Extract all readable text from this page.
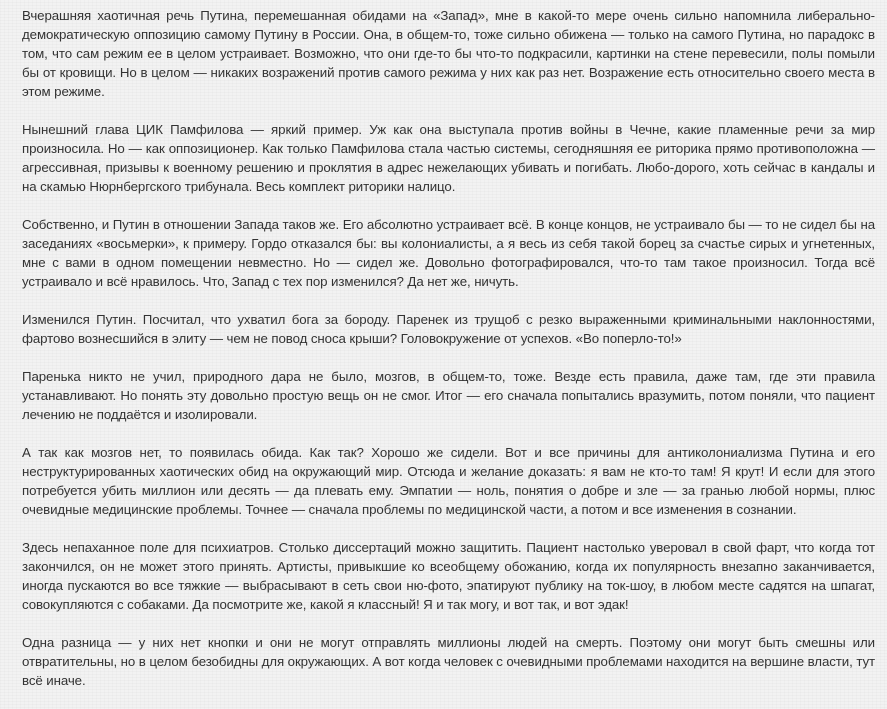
Вчерашняя хаотичная речь Путина, перемешанная обидами на «Запад», мне в какой-то мере очень сильно напомнила либерально-демократическую оппозицию самому Путину в России. Она, в общем-то, тоже сильно обижена — только на самого Путина, но парадокс в том, что сам режим ее в целом устраивает. Возможно, что они где-то бы что-то подкрасили, картинки на стене перевесили, полы помыли бы от кровищи. Но в целом — никаких возражений против самого режима у них как раз нет. Возражение есть относительно своего места в этом режиме.

Нынешний глава ЦИК Памфилова — яркий пример. Уж как она выступала против войны в Чечне, какие пламенные речи за мир произносила. Но — как оппозиционер. Как только Памфилова стала частью системы, сегодняшняя ее риторика прямо противоположна — агрессивная, призывы к военному решению и проклятия в адрес нежелающих убивать и погибать. Любо-дорого, хоть сейчас в кандалы и на скамью Нюрнбергского трибунала. Весь комплект риторики налицо.

Собственно, и Путин в отношении Запада таков же. Его абсолютно устраивает всё. В конце концов, не устраивало бы — то не сидел бы на заседаниях «восьмерки», к примеру. Гордо отказался бы: вы колониалисты, а я весь из себя такой борец за счастье сирых и угнетенных, мне с вами в одном помещении невместно. Но — сидел же. Довольно фотографировался, что-то там такое произносил. Тогда всё устраивало и всё нравилось. Что, Запад с тех пор изменился? Да нет же, ничуть.

Изменился Путин. Посчитал, что ухватил бога за бороду. Паренек из трущоб с резко выраженными криминальными наклонностями, фартово вознесшийся в элиту — чем не повод сноса крыши? Головокружение от успехов. «Во поперло-то!»

Паренька никто не учил, природного дара не было, мозгов, в общем-то, тоже. Везде есть правила, даже там, где эти правила устанавливают. Но понять эту довольно простую вещь он не смог. Итог — его сначала попытались вразумить, потом поняли, что пациент лечению не поддаётся и изолировали.

А так как мозгов нет, то появилась обида. Как так? Хорошо же сидели. Вот и все причины для антиколониализма Путина и его неструктурированных хаотических обид на окружающий мир. Отсюда и желание доказать: я вам не кто-то там! Я крут! И если для этого потребуется убить миллион или десять — да плевать ему. Эмпатии — ноль, понятия о добре и зле — за гранью любой нормы, плюс очевидные медицинские проблемы. Точнее — сначала проблемы по медицинской части, а потом и все изменения в сознании.

Здесь непаханное поле для психиатров. Столько диссертаций можно защитить. Пациент настолько уверовал в свой фарт, что когда тот закончился, он не может этого принять. Артисты, привыкшие ко всеобщему обожанию, когда их популярность внезапно заканчивается, иногда пускаются во все тяжкие — выбрасывают в сеть свои ню-фото, эпатируют публику на ток-шоу, в любом месте садятся на шпагат, совокупляются с собаками. Да посмотрите же, какой я классный! Я и так могу, и вот так, и вот эдак!

Одна разница — у них нет кнопки и они не могут отправлять миллионы людей на смерть. Поэтому они могут быть смешны или отвратительны, но в целом безобидны для окружающих. А вот когда человек с очевидными проблемами находится на вершине власти, тут всё иначе.
